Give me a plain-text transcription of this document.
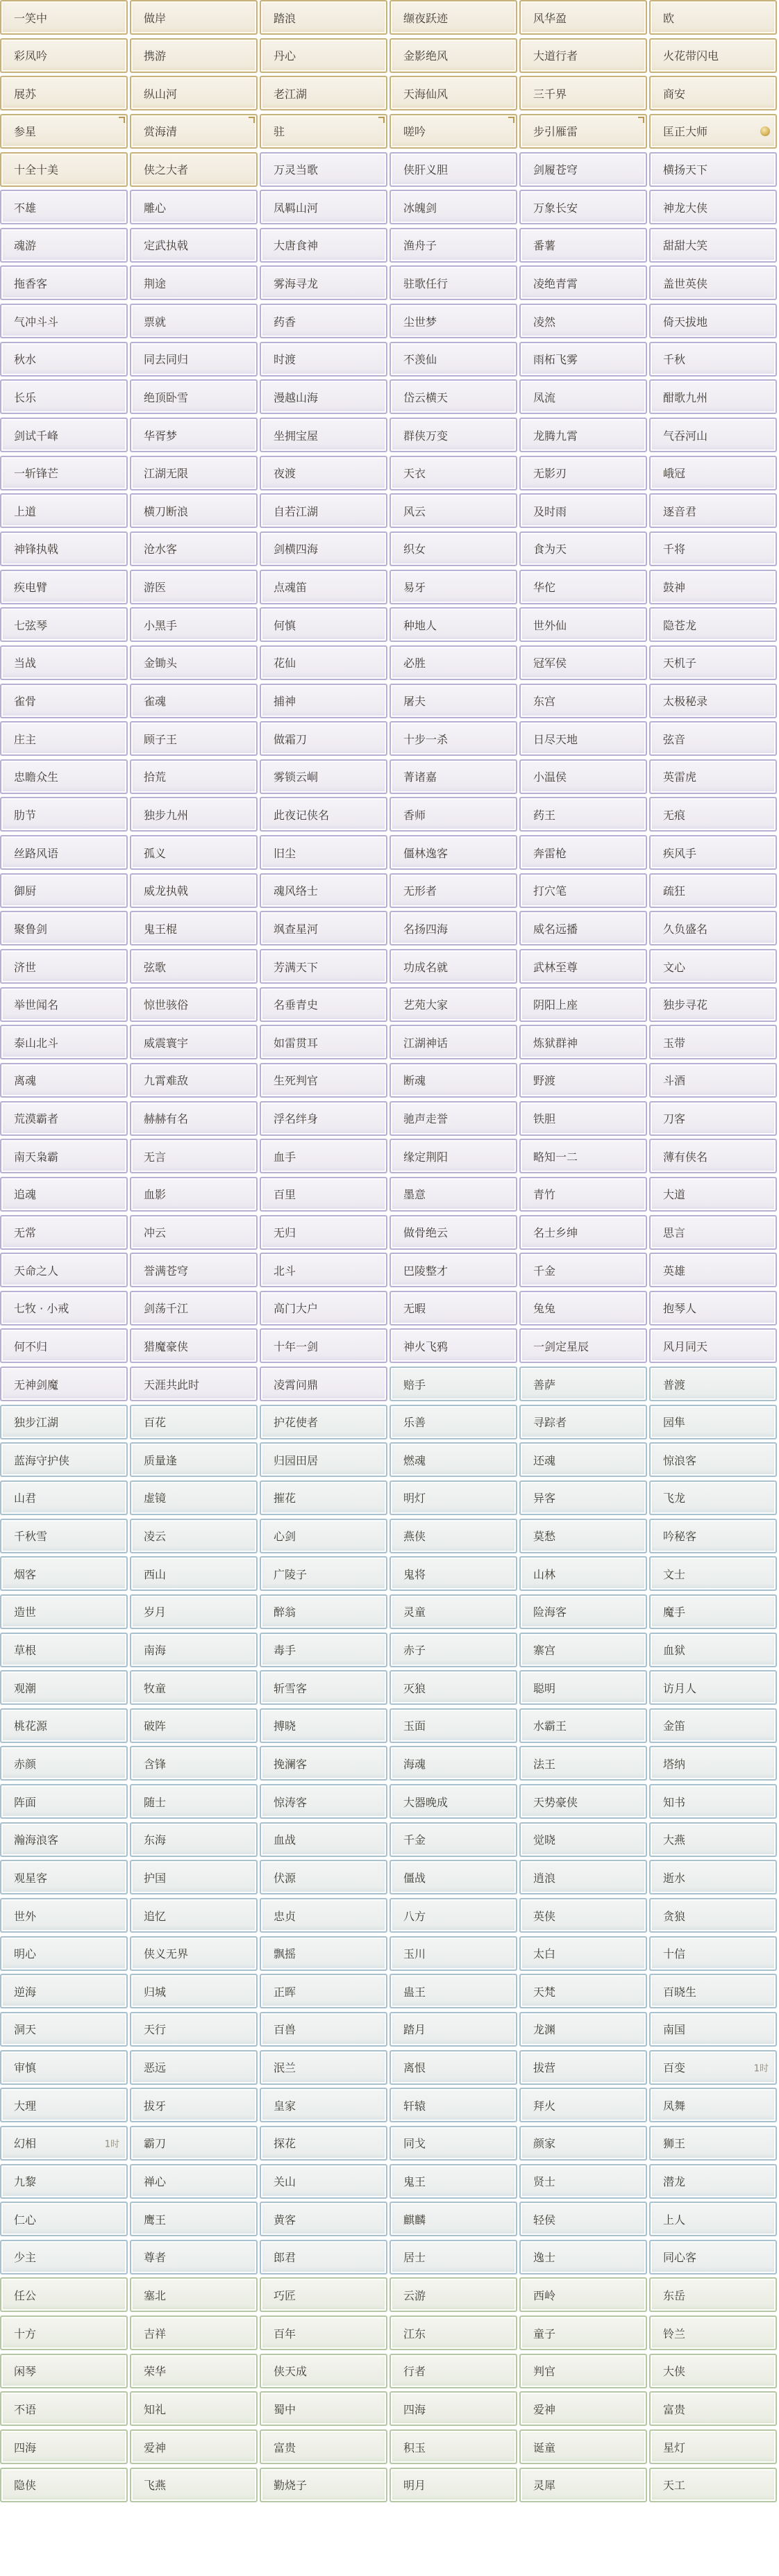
一笑中	做岸	踏浪	缬夜跃迹	风华盈	欧
彩凤吟	携游	丹心	金影绝风	大道行者	火花带闪电
展苏	纵山河	老江湖	天海仙风	三千界	商安
参星	赏海清	驻	嗟吟	步引雁雷	匡正大师
十全十美	侠之大者	万灵当歌	侠肝义胆	剑履苍穹	横扬天下
不雄	雕心	凤羁山河	冰魄剑	万象长安	神龙大侠
魂游	定武执戟	大唐食神	渔舟子	番薯	甜甜大笑
拖香客	荆途	雾海寻龙	驻歌任行	凌绝青霄	盖世英侠
气冲斗斗	票就	药香	尘世梦	凌然	倚天拔地
秋水	同去同归	时渡	不羡仙	雨柘飞雾	千秋
长乐	绝顶卧雪	漫越山海	岱云横天	凤流	酣歌九州
剑试千峰	华胥梦	坐拥宝屋	群侠万变	龙腾九霄	气吞河山
一斩锋芒	江湖无限	夜渡	天衣	无影刃	峨冠
上道	横刀断浪	自若江湖	风云	及时雨	逐音君
神锋执戟	沧水客	剑横四海	织女	食为天	千将
疾电臂	游医	点魂笛	易牙	华佗	鼓神
七弦琴	小黑手	何慎	种地人	世外仙	隐苍龙
当战	金锄头	花仙	必胜	冠军侯	天机子
雀骨	雀魂	捕神	屠夫	东宫	太极秘录
庄主	顾子王	做霜刀	十步一杀	日尽天地	弦音
忠瞻众生	拾荒	雾锁云峒	菁诸嘉	小温侯	英雷虎
肋节	独步九州	此夜记侠名	香师	药王	无痕
丝路风语	孤义	旧尘	僵林逸客	奔雷枪	疾风手
御厨	威龙执戟	魂风络士	无形者	打穴笔	疏狂
聚鲁剑	鬼王棍	飒查星河	名扬四海	威名远播	久负盛名
济世	弦歌	芳满天下	功成名就	武林至尊	文心
举世闻名	惊世骇俗	名垂青史	艺苑大家	阴阳上座	独步寻花
泰山北斗	威震寰宇	如雷贯耳	江湖神话	炼狱群神	玉带
离魂	九霄难敌	生死判官	断魂	野渡	斗酒
荒漠霸者	赫赫有名	浮名绊身	驰声走誉	铁胆	刀客
南天枭霸	无言	血手	缘定荆阳	略知一二	薄有侠名
追魂	血影	百里	墨意	青竹	大道
无常	冲云	无归	做骨绝云	名士乡绅	思言
天命之人	誉满苍穹	北斗	巴陵整才	千金	英雄
七牧 · 小戒	剑荡千江	高门大户	无暇	兔兔	抱琴人
何不归	猎魔豪侠	十年一剑	神火飞鸦	一剑定星辰	风月同天
无神剑魔	天涯共此时	凌霄问鼎	赔手	善萨	普渡
独步江湖	百花	护花使者	乐善	寻踪者	园隼
蓝海守护侠	质量逢	归园田居	燃魂	还魂	惊浪客
山君	虚镜	摧花	明灯	异客	飞龙
千秋雪	凌云	心剑	燕侠	莫愁	吟秘客
烟客	西山	广陵子	鬼将	山林	文士
造世	岁月	醉翁	灵童	险海客	魔手
草根	南海	毒手	赤子	寨宫	血狱
观潮	牧童	斩雪客	灭狼	聪明	访月人
桃花源	破阵	搏晓	玉面	水霸王	金笛
赤颜	含锋	挽澜客	海魂	法王	塔纳
阵面	随士	惊涛客	大器晚成	天势豪侠	知书
瀚海浪客	东海	血战	千金	觉晓	大燕
观星客	护国	伏源	僵战	逍浪	逝水
世外	追忆	忠贞	八方	英侠	贪狼
明心	侠义无界	飘摇	玉川	太白	十信
逆海	归城	正晖	蛊王	天梵	百晓生
洞天	天行	百兽	踏月	龙渊	南国
审慎	恶远	泯兰	离恨	拔营	百变	1时
大理	拔牙	皇家	轩辕	拜火	凤舞
幻相	1时 霸刀	探花	同戈	颜家	狮王
九黎	禅心	关山	鬼王	贤士	潜龙
仁心	鹰王	黄客	麒麟	轻侯	上人
少主	尊者	郎君	居士	逸士	同心客
任公	塞北	巧匠	云游	西岭	东岳
十方	吉祥	百年	江东	童子	铃兰
闲琴	荣华	侠天成	行者	判官	大侠
不语	知礼	蜀中	四海	爱神	富贵
四海	爱神	富贵	积玉	诞童	星灯
隐侠	飞燕	勤烧子	明月	灵犀	天工
